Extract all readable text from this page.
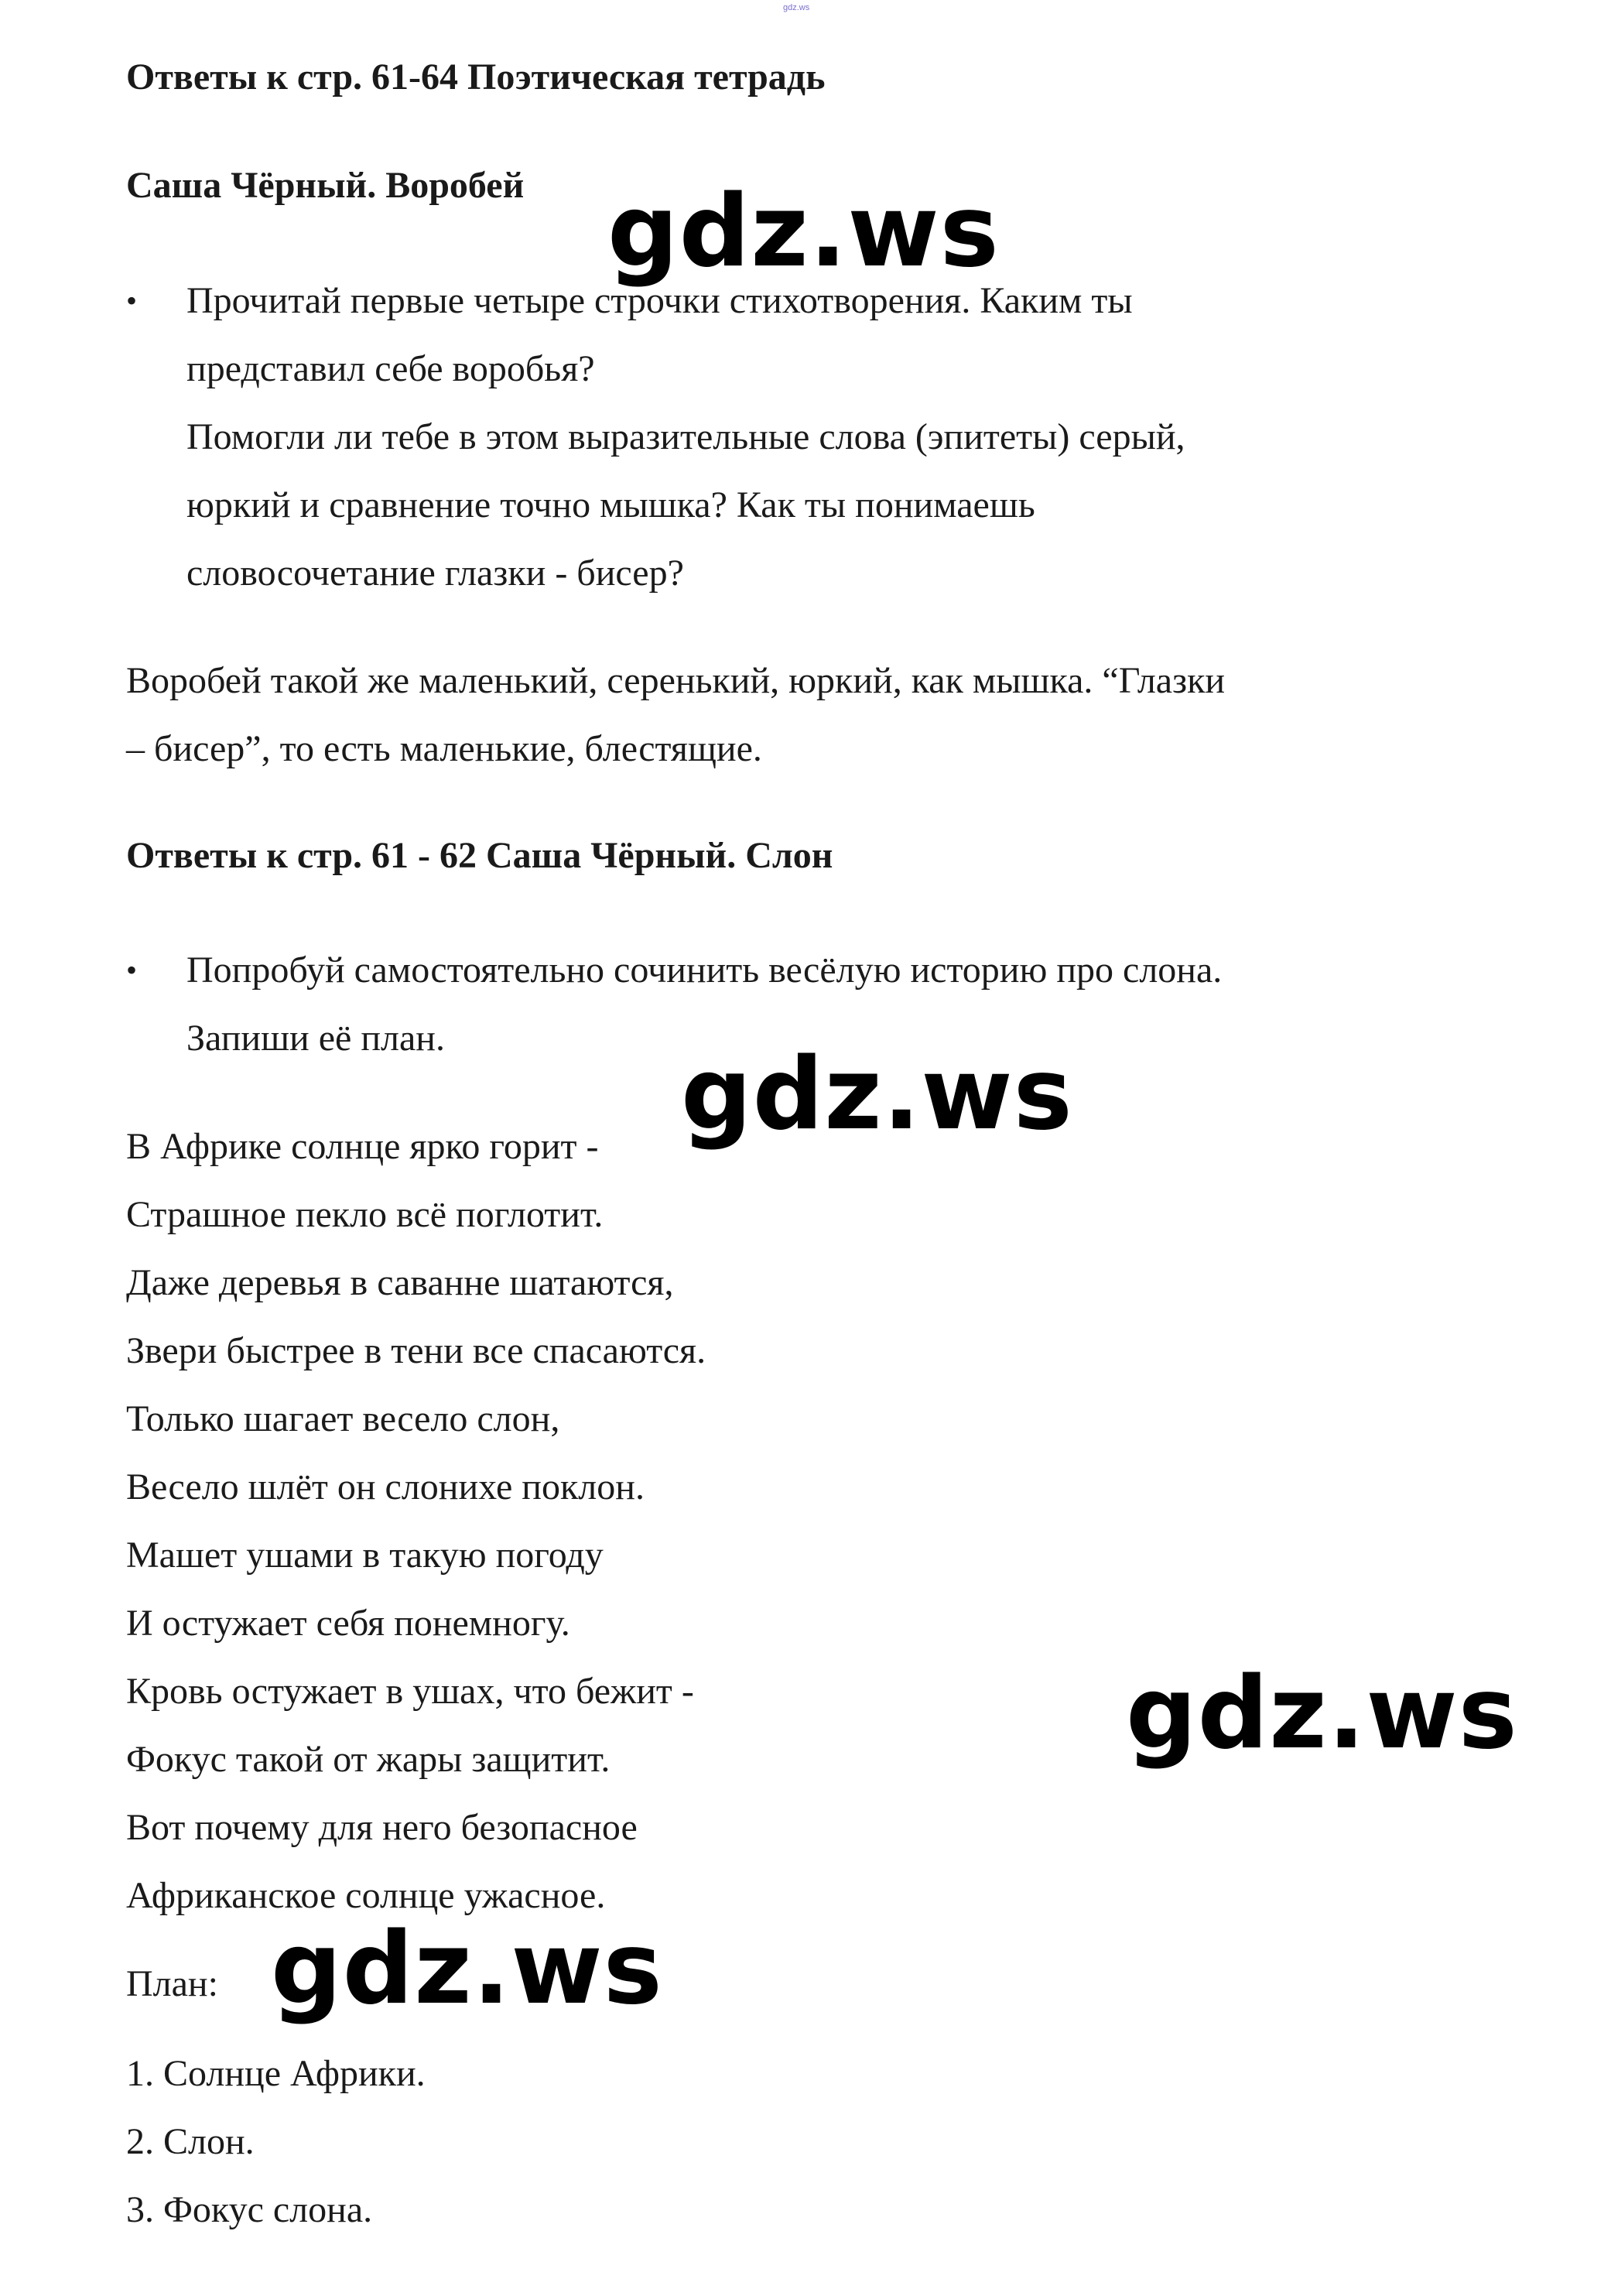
gdz.ws
Ответы к стр. 61-64 Поэтическая тетрадь
Саша Чёрный. Воробей
• Прочитай первые четыре строчки стихотворения. Каким ты
представил себе воробья?
Помогли ли тебе в этом выразительные слова (эпитеты) серый,
юркий и сравнение точно мышка? Как ты понимаешь
словосочетание глазки - бисер?
Воробей такой же маленький, серенький, юркий, как мышка. “Глазки
– бисер”, то есть маленькие, блестящие.
Ответы к стр. 61 - 62 Саша Чёрный. Слон
• Попробуй самостоятельно сочинить весёлую историю про слона.
Запиши её план.
В Африке солнце ярко горит -
Страшное пекло всё поглотит.
Даже деревья в саванне шатаются,
Звери быстрее в тени все спасаются.
Только шагает весело слон,
Весело шлёт он слонихе поклон.
Машет ушами в такую погоду
И остужает себя понемногу.
Кровь остужает в ушах, что бежит -
Фокус такой от жары защитит.
Вот почему для него безопасное
Африканское солнце ужасное.
План:
1. Солнце Африки.
2. Слон.
3. Фокус слона.
gdz.ws
gdz.ws
gdz.ws
gdz.ws
